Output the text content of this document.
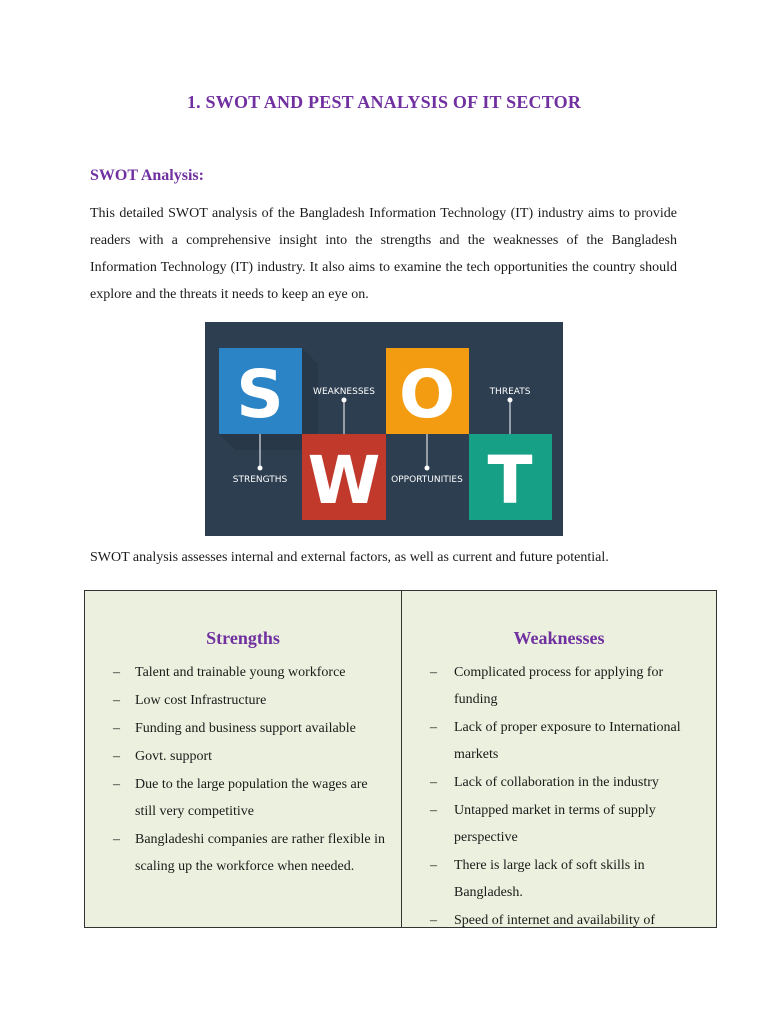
1. SWOT AND PEST ANALYSIS OF IT SECTOR
SWOT Analysis:

This detailed SWOT analysis of the Bangladesh Information Technology (IT) industry aims to provide readers with a comprehensive insight into the strengths and the weaknesses of the Bangladesh Information Technology (IT) industry. It also aims to examine the tech opportunities the country should explore and the threats it needs to keep an eye on.

S O
W T
WEAKNESSES	THREATS
STRENGTHS	OPPORTUNITIES

SWOT analysis assesses internal and external factors, as well as current and future potential.

Strengths
– Talent and trainable young workforce
– Low cost Infrastructure
– Funding and business support available
– Govt. support
– Due to the large population the wages are still very competitive
– Bangladeshi companies are rather flexible in scaling up the workforce when needed.
Weaknesses
– Complicated process for applying for funding
– Lack of proper exposure to International markets
– Lack of collaboration in the industry
– Untapped market in terms of supply perspective
– There is large lack of soft skills in Bangladesh.
– Speed of internet and availability of
